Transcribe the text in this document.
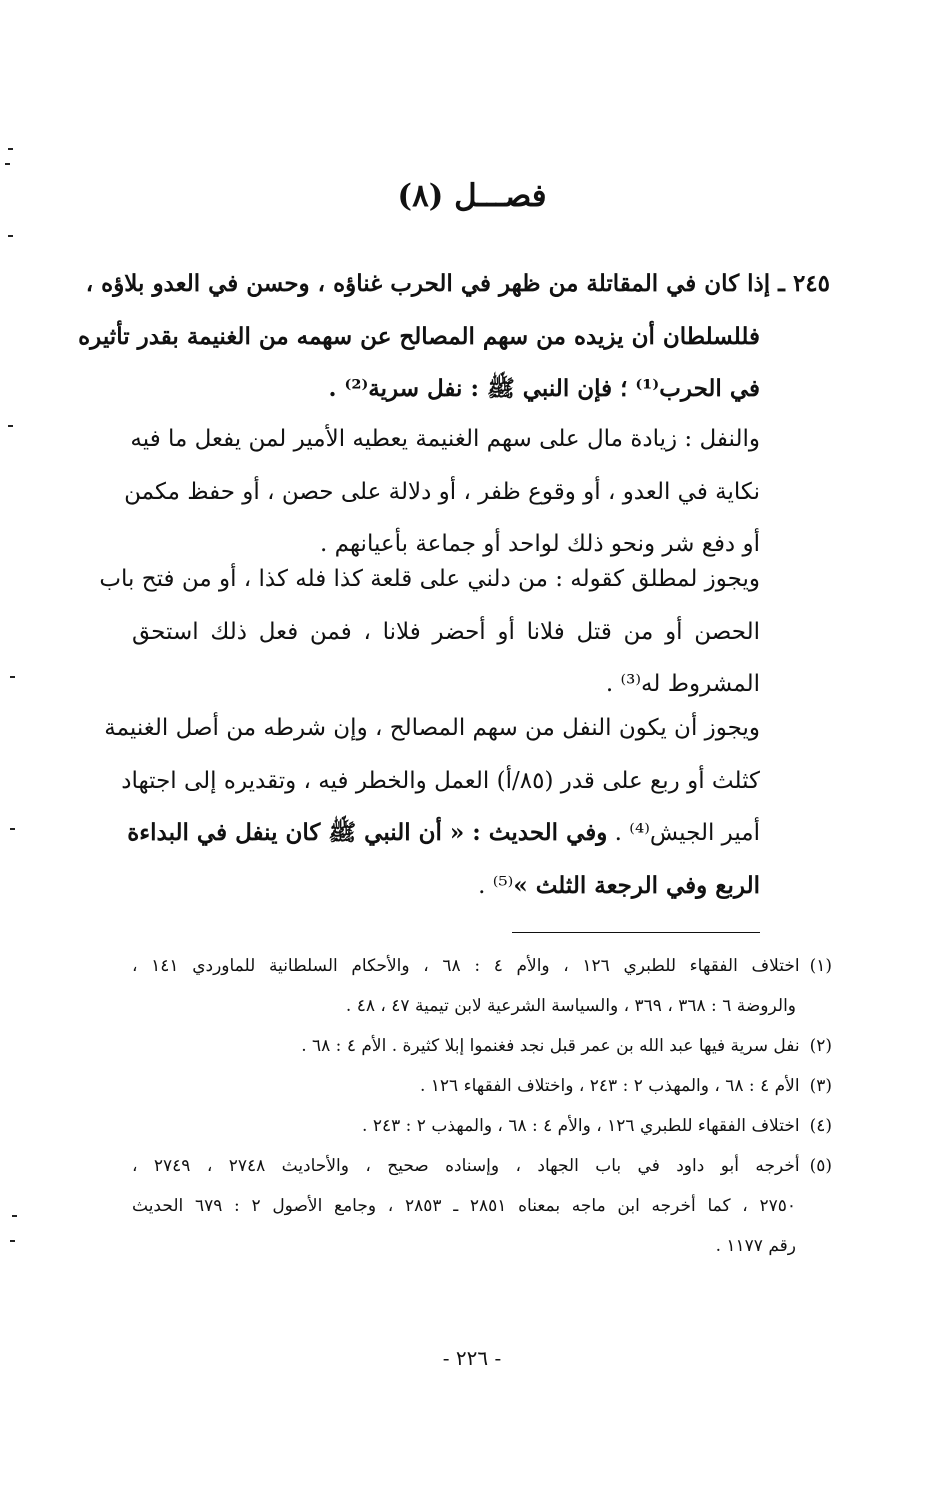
فصـــل (٨)
٢٤٥ ـ إذا كان في المقاتلة من ظهر في الحرب غناؤه ، وحسن في العدو بلاؤه ،
فللسلطان أن يزيده من سهم المصالح عن سهمه من الغنيمة بقدر تأثيره
في الحرب⁽¹⁾ ؛ فإن النبي ﷺ : نفل سرية⁽²⁾ .
والنفل : زيادة مال على سهم الغنيمة يعطيه الأمير لمن يفعل ما فيه
نكاية في العدو ، أو وقوع ظفر ، أو دلالة على حصن ، أو حفظ مكمن
أو دفع شر ونحو ذلك لواحد أو جماعة بأعيانهم .
ويجوز لمطلق كقوله : من دلني على قلعة كذا فله كذا ، أو من فتح باب
الحصن أو من قتل فلانا أو أحضر فلانا ، فمن فعل ذلك استحق
المشروط له⁽³⁾ .
ويجوز أن يكون النفل من سهم المصالح ، وإن شرطه من أصل الغنيمة
كثلث أو ربع على قدر (٨٥/أ) العمل والخطر فيه ، وتقديره إلى اجتهاد
أمير الجيش⁽⁴⁾ . وفي الحديث : « أن النبي ﷺ كان ينفل في البداءة
الربع وفي الرجعة الثلث »⁽⁵⁾ .
(١)اختلاف الفقهاء للطبري ١٢٦ ، والأم ٤ : ٦٨ ، والأحكام السلطانية للماوردي ١٤١ ،
والروضة ٦ : ٣٦٨ ، ٣٦٩ ، والسياسة الشرعية لابن تيمية ٤٧ ، ٤٨ .
(٢)نفل سرية فيها عبد الله بن عمر قبل نجد فغنموا إبلا كثيرة . الأم ٤ : ٦٨ .
(٣)الأم ٤ : ٦٨ ، والمهذب ٢ : ٢٤٣ ، واختلاف الفقهاء ١٢٦ .
(٤)اختلاف الفقهاء للطبري ١٢٦ ، والأم ٤ : ٦٨ ، والمهذب ٢ : ٢٤٣ .
(٥)أخرجه أبو داود في باب الجهاد ، وإسناده صحيح ، والأحاديث ٢٧٤٨ ، ٢٧٤٩ ،
٢٧٥٠ ، كما أخرجه ابن ماجه بمعناه ٢٨٥١ ـ ٢٨٥٣ ، وجامع الأصول ٢ : ٦٧٩ الحديث
رقم ١١٧٧ .
- ٢٢٦ -
